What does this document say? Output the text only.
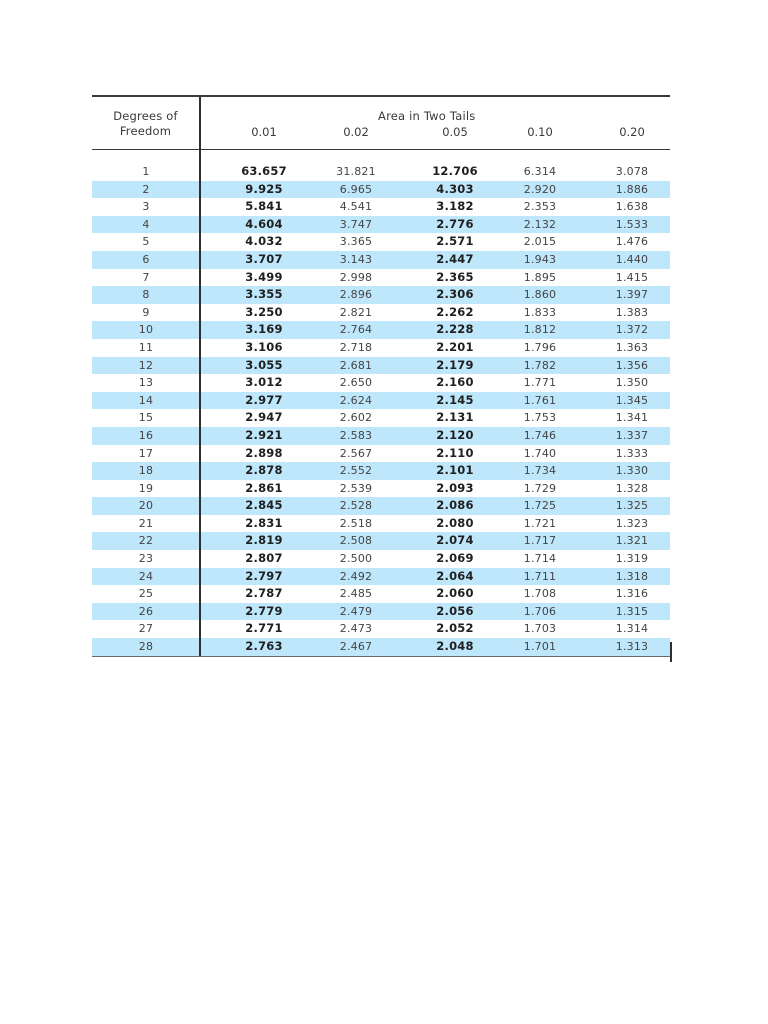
Degrees of
Freedom
Area in Two Tails
0.01	0.02	0.05	0.10	0.20
1	63.657	31.821	12.706	6.314	3.078
2	9.925	6.965	4.303	2.920	1.886
3	5.841	4.541	3.182	2.353	1.638
4	4.604	3.747	2.776	2.132	1.533
5	4.032	3.365	2.571	2.015	1.476
6	3.707	3.143	2.447	1.943	1.440
7	3.499	2.998	2.365	1.895	1.415
8	3.355	2.896	2.306	1.860	1.397
9	3.250	2.821	2.262	1.833	1.383
10	3.169	2.764	2.228	1.812	1.372
11	3.106	2.718	2.201	1.796	1.363
12	3.055	2.681	2.179	1.782	1.356
13	3.012	2.650	2.160	1.771	1.350
14	2.977	2.624	2.145	1.761	1.345
15	2.947	2.602	2.131	1.753	1.341
16	2.921	2.583	2.120	1.746	1.337
17	2.898	2.567	2.110	1.740	1.333
18	2.878	2.552	2.101	1.734	1.330
19	2.861	2.539	2.093	1.729	1.328
20	2.845	2.528	2.086	1.725	1.325
21	2.831	2.518	2.080	1.721	1.323
22	2.819	2.508	2.074	1.717	1.321
23	2.807	2.500	2.069	1.714	1.319
24	2.797	2.492	2.064	1.711	1.318
25	2.787	2.485	2.060	1.708	1.316
26	2.779	2.479	2.056	1.706	1.315
27	2.771	2.473	2.052	1.703	1.314
28	2.763	2.467	2.048	1.701	1.313
